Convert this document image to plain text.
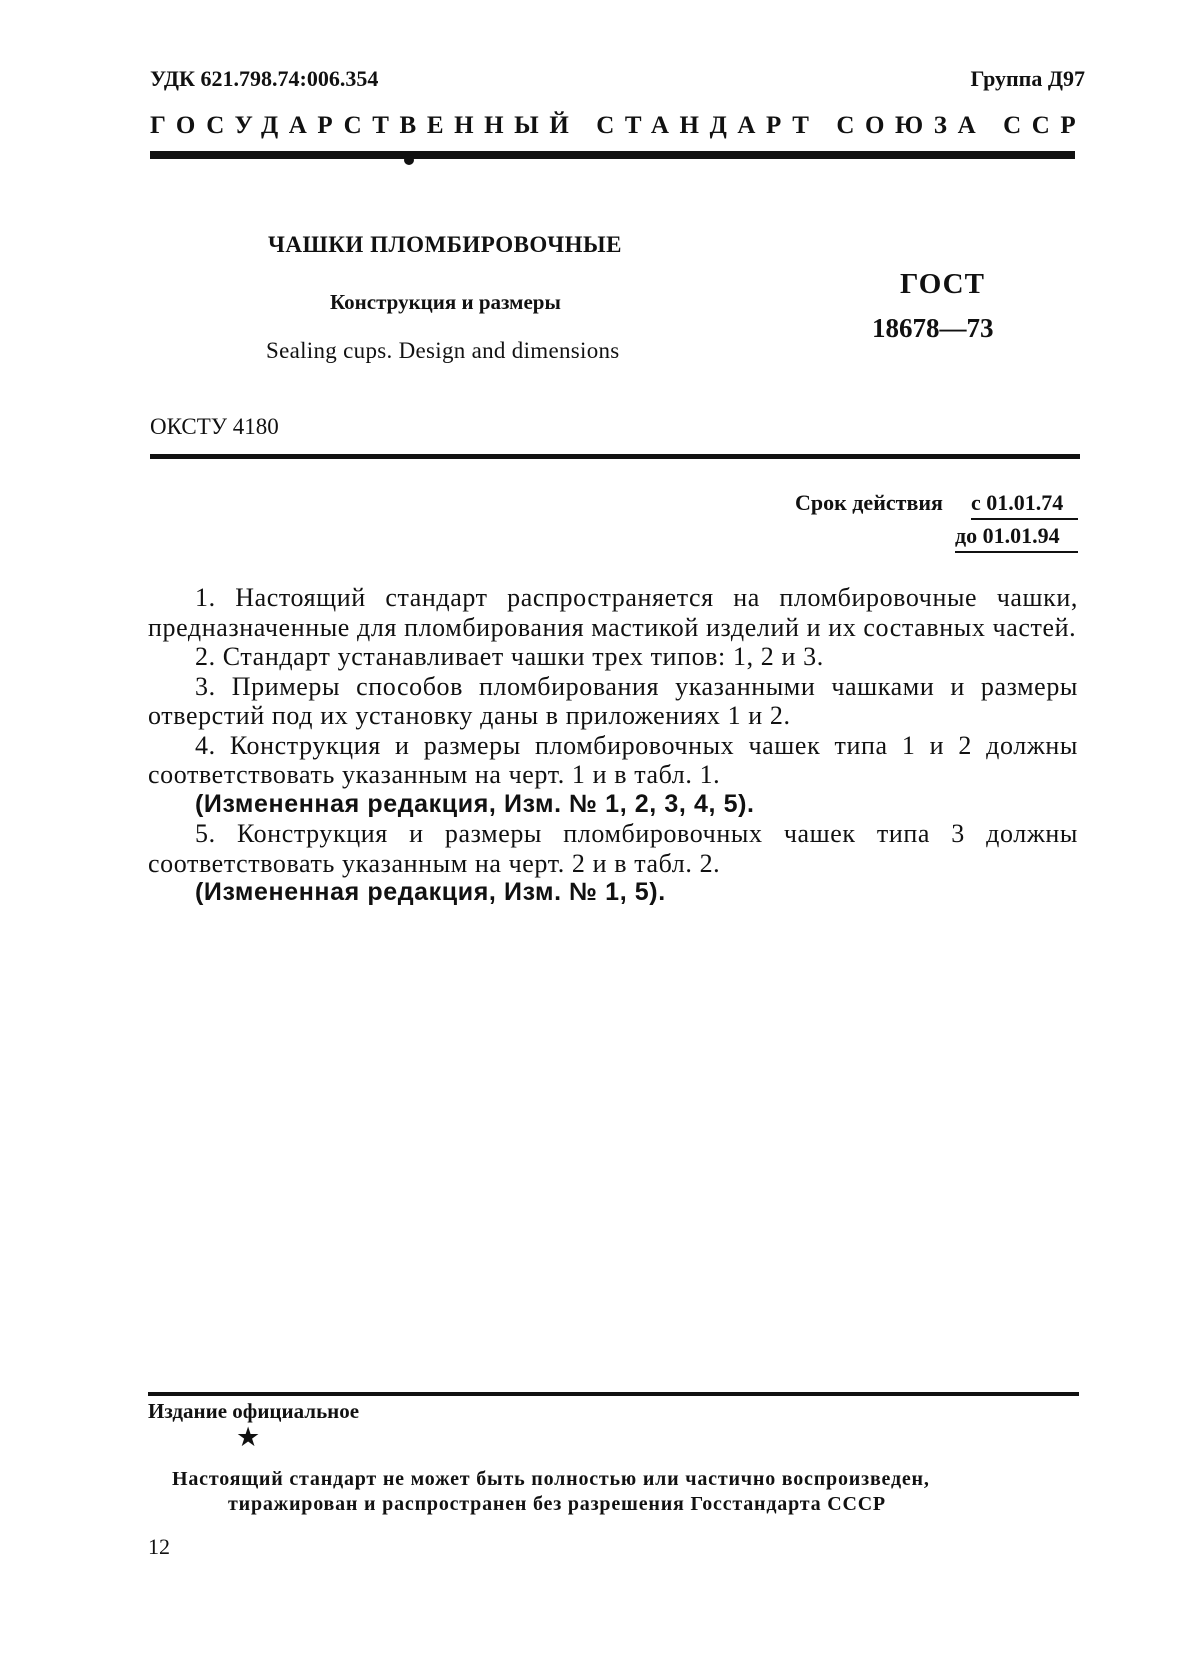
УДК 621.798.74:006.354	Группа Д97
ГОСУДАРСТВЕННЫЙ СТАНДАРТ СОЮЗА ССР
ЧАШКИ ПЛОМБИРОВОЧНЫЕ
Конструкция и размеры
Sealing cups. Design and dimensions
ГОСТ
18678—73
ОКСТУ 4180
Срок действия с 01.01.74
до 01.01.94
1. Настоящий стандарт распространяется на пломбировочные чашки, предназначенные для пломбирования мастикой изделий и их составных частей.
2. Стандарт устанавливает чашки трех типов: 1, 2 и 3.
3. Примеры способов пломбирования указанными чашками и размеры отверстий под их установку даны в приложениях 1 и 2.
4. Конструкция и размеры пломбировочных чашек типа 1 и 2 должны соответствовать указанным на черт. 1 и в табл. 1.
(Измененная редакция, Изм. № 1, 2, 3, 4, 5).
5. Конструкция и размеры пломбировочных чашек типа 3 должны соответствовать указанным на черт. 2 и в табл. 2.
(Измененная редакция, Изм. № 1, 5).
Издание официальное
★
Настоящий стандарт не может быть полностью или частично воспроизведен,
тиражирован и распространен без разрешения Госстандарта СССР
12
